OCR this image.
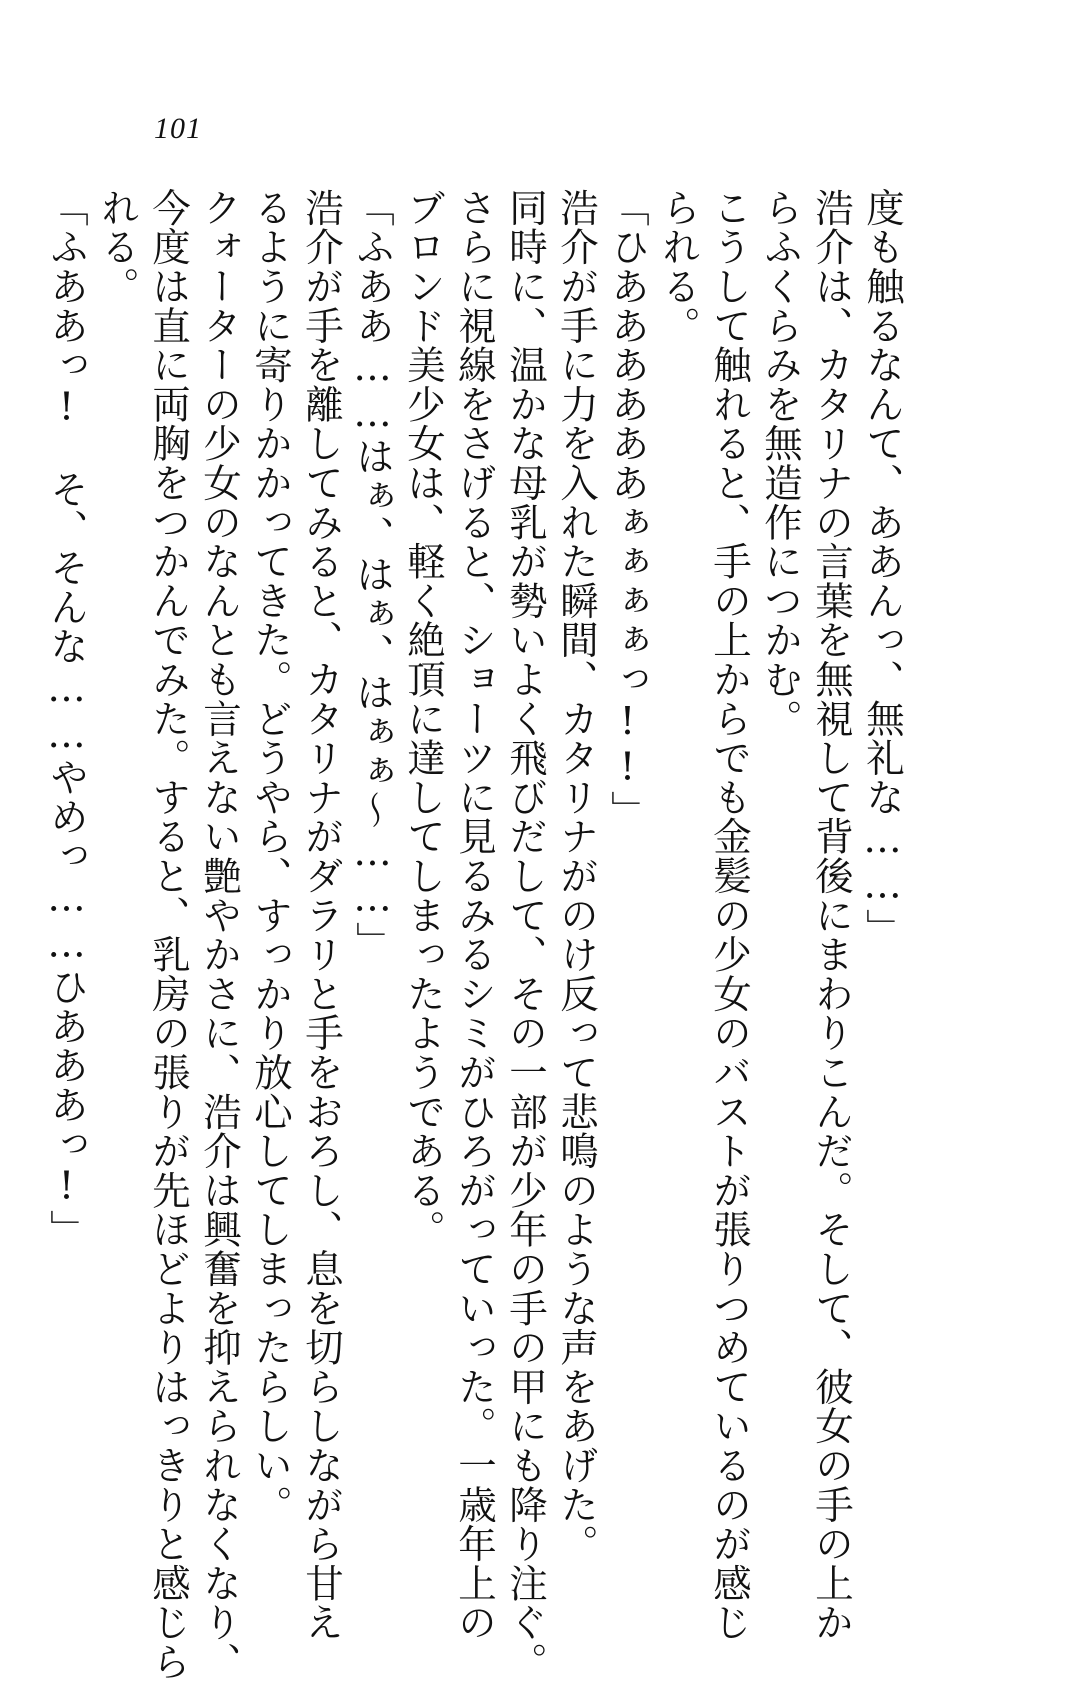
101
度も触るなんて、ああんっ、無礼な……」
浩介は、カタリナの言葉を無視して背後にまわりこんだ。そして、彼女の手の上か
らふくらみを無造作につかむ。
こうして触れると、手の上からでも金髪の少女のバストが張りつめているのが感じ
られる。
「ひああああああぁぁぁぁっ!!」
浩介が手に力を入れた瞬間、カタリナがのけ反って悲鳴のような声をあげた。
同時に、温かな母乳が勢いよく飛びだして、その一部が少年の手の甲にも降り注ぐ。
さらに視線をさげると、ショーツに見るみるシミがひろがっていった。一歳年上の
ブロンド美少女は、軽く絶頂に達してしまったようである。
「ふああ……はぁ、はぁ、はぁぁ〜……」
浩介が手を離してみると、カタリナがダラリと手をおろし、息を切らしながら甘え
るように寄りかかってきた。どうやら、すっかり放心してしまったらしい。
クォーターの少女のなんとも言えない艶やかさに、浩介は興奮を抑えられなくなり、
今度は直に両胸をつかんでみた。すると、乳房の張りが先ほどよりはっきりと感じら
れる。
「ふああっ!　そ、そんな……やめっ……ひあああっ!」
